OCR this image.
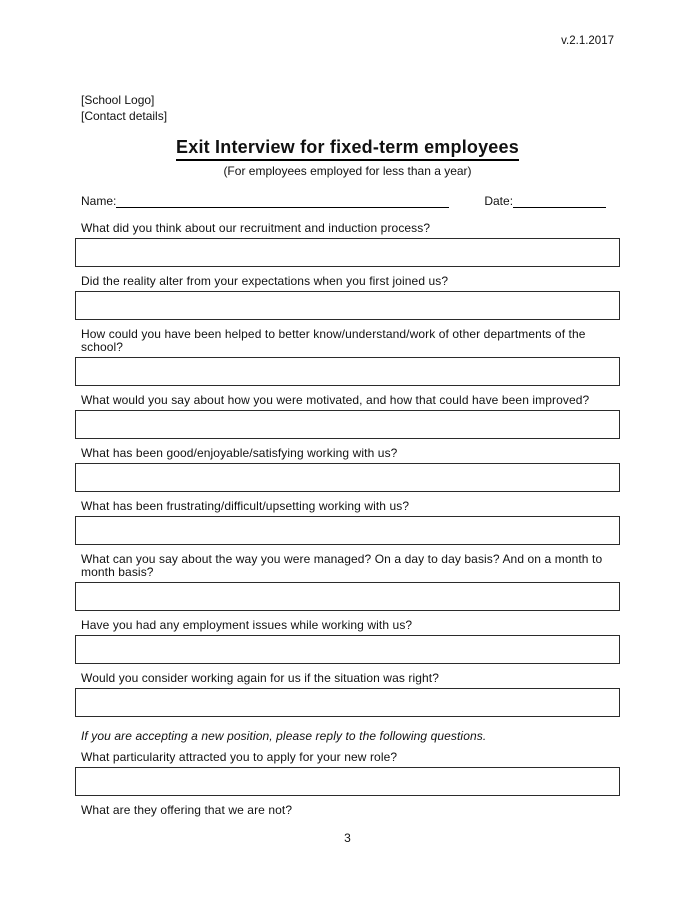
v.2.1.2017
[School Logo]
[Contact details]
Exit Interview for fixed-term employees
(For employees employed for less than a year)
Name:	Date:
What did you think about our recruitment and induction process?
Did the reality alter from your expectations when you first joined us?
How could you have been helped to better know/understand/work of other departments of the school?
What would you say about how you were motivated, and how that could have been improved?
What has been good/enjoyable/satisfying working with us?
What has been frustrating/difficult/upsetting working with us?
What can you say about the way you were managed? On a day to day basis? And on a month to month basis?
Have you had any employment issues while working with us?
Would you consider working again for us if the situation was right?
If you are accepting a new position, please reply to the following questions.
What particularity attracted you to apply for your new role?
What are they offering that we are not?
3
